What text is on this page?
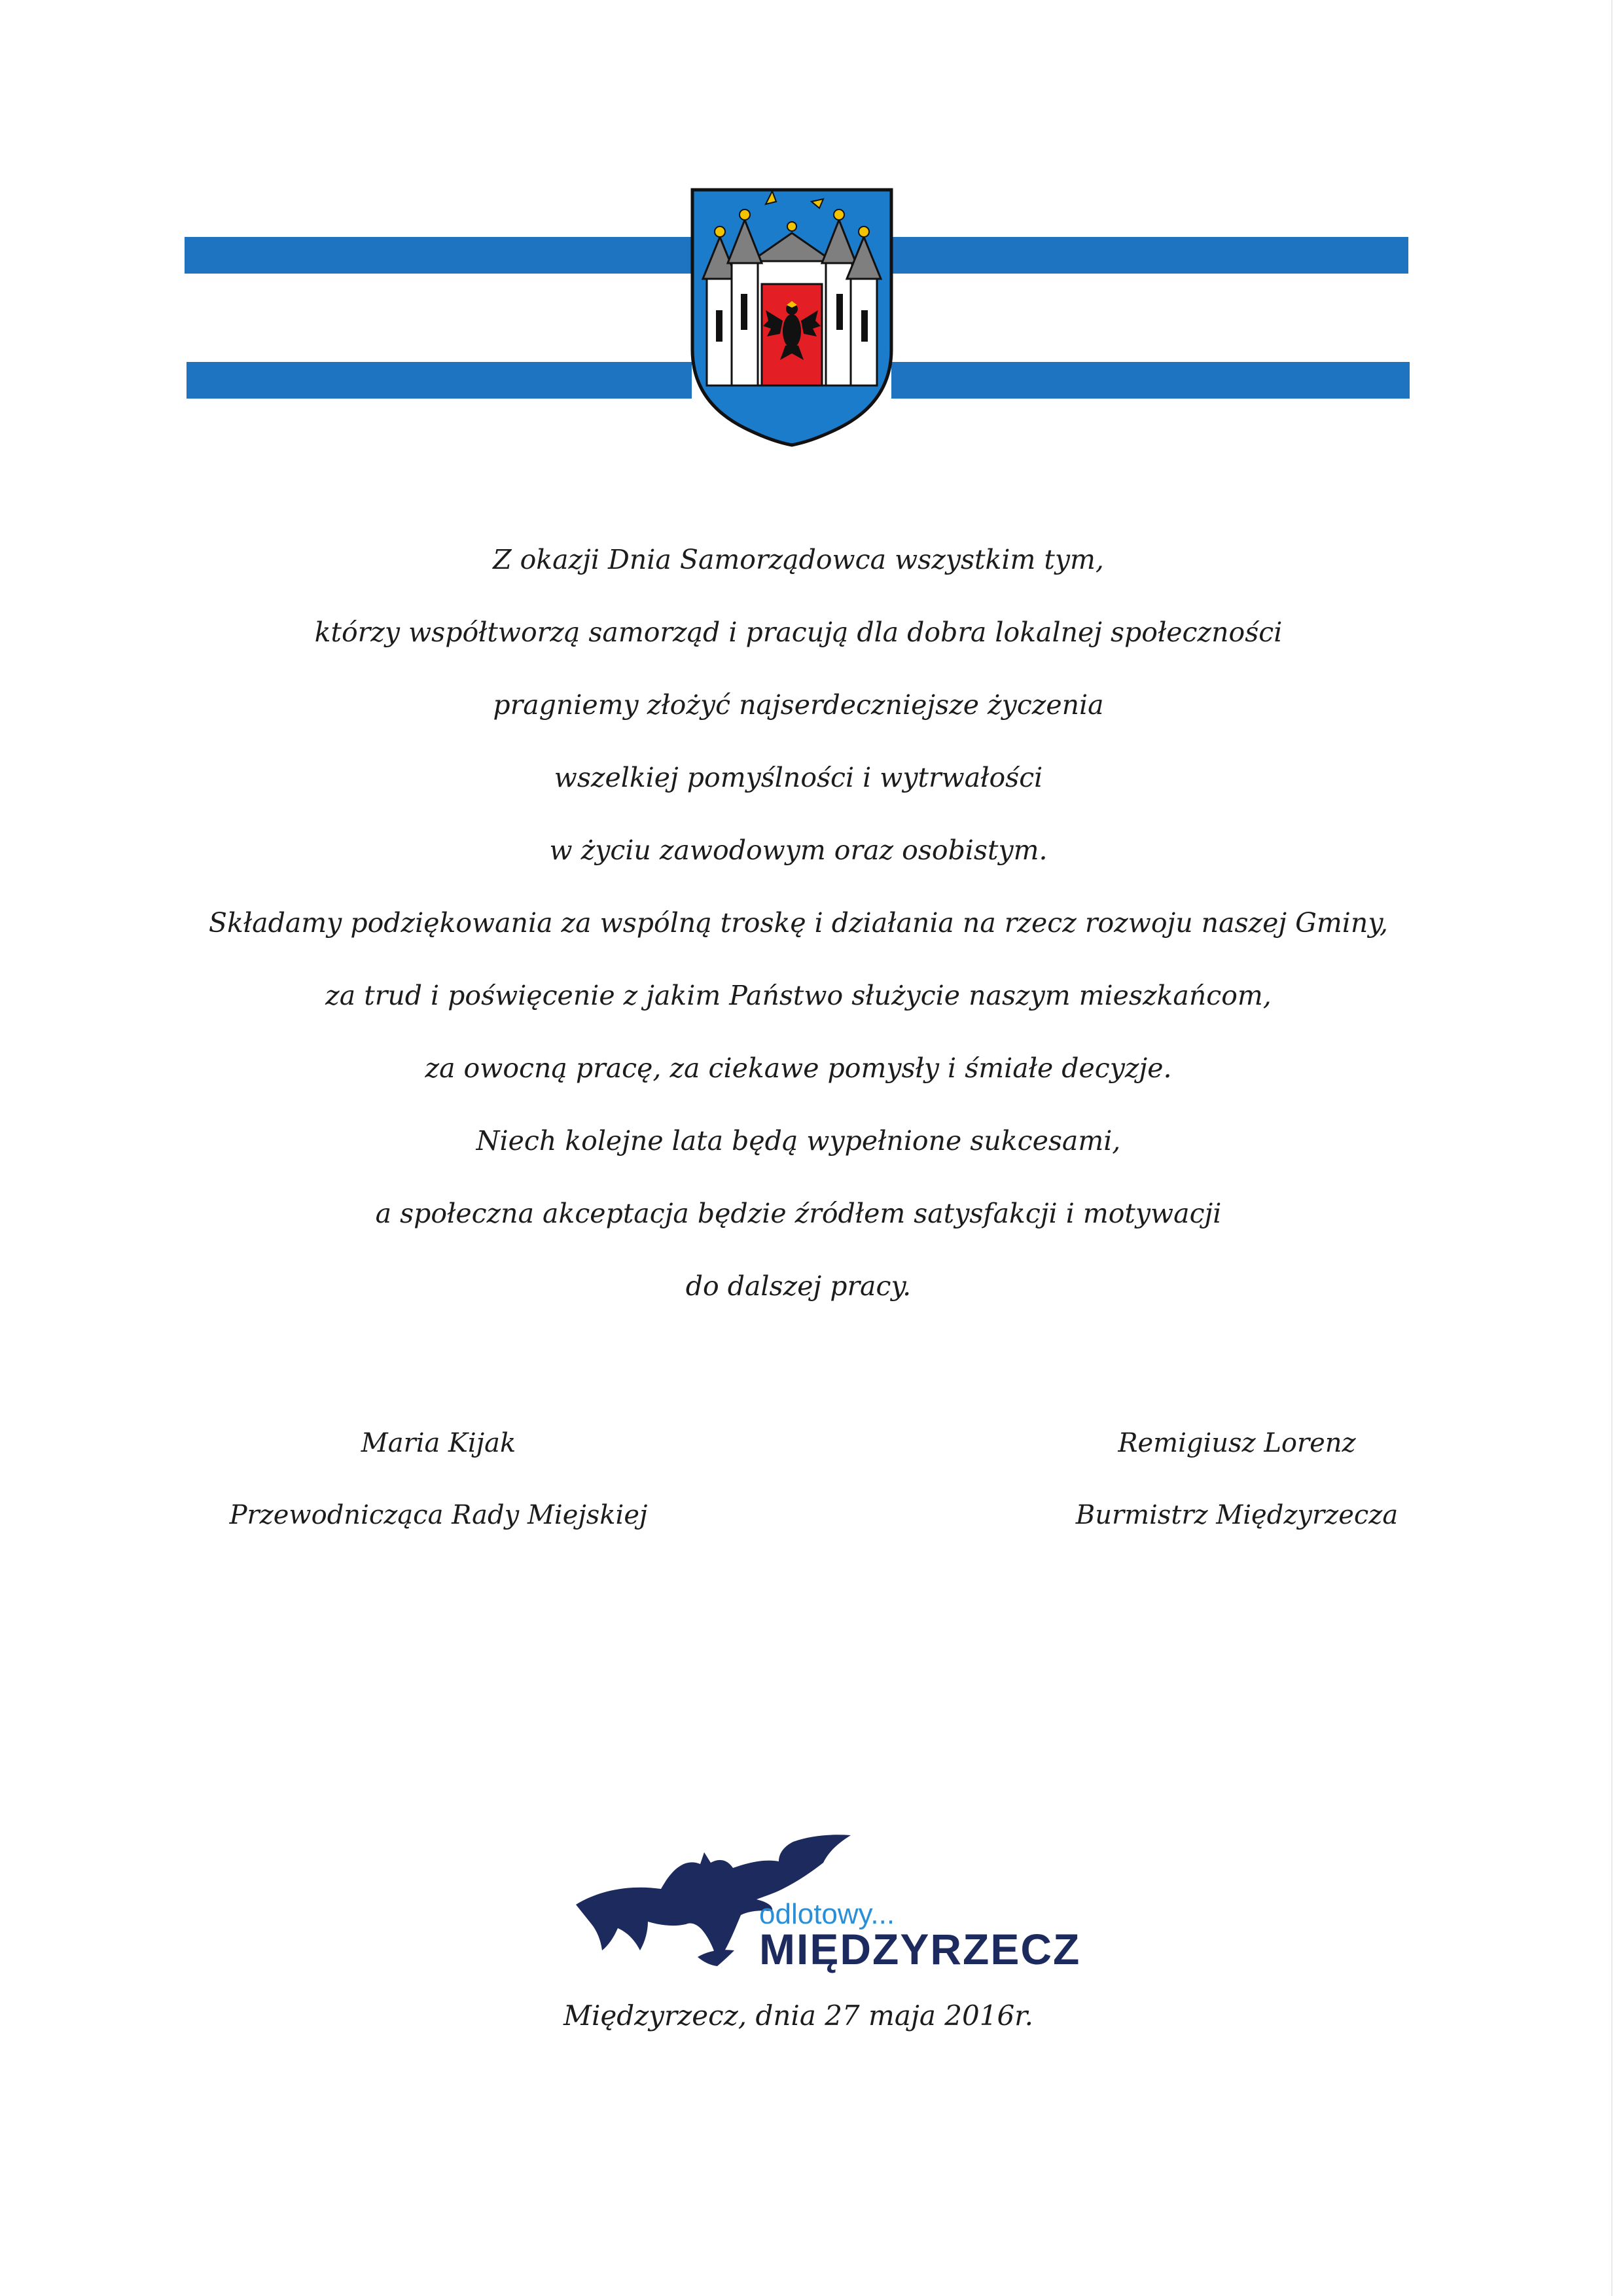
Z okazji Dnia Samorządowca wszystkim tym,
którzy współtworzą samorząd i pracują dla dobra lokalnej społeczności
pragniemy złożyć najserdeczniejsze życzenia
wszelkiej pomyślności i wytrwałości
w życiu zawodowym oraz osobistym.
Składamy podziękowania za wspólną troskę i działania na rzecz rozwoju naszej Gminy,
za trud i poświęcenie z jakim Państwo służycie naszym mieszkańcom,
za owocną pracę, za ciekawe pomysły i śmiałe decyzje.
Niech kolejne lata będą wypełnione sukcesami,
a społeczna akceptacja będzie źródłem satysfakcji i motywacji
do dalszej pracy.
Maria Kijak
Przewodnicząca Rady Miejskiej
Remigiusz Lorenz
Burmistrz Międzyrzecza
odlotowy...
MIĘDZYRZECZ
Międzyrzecz, dnia 27 maja 2016r.
